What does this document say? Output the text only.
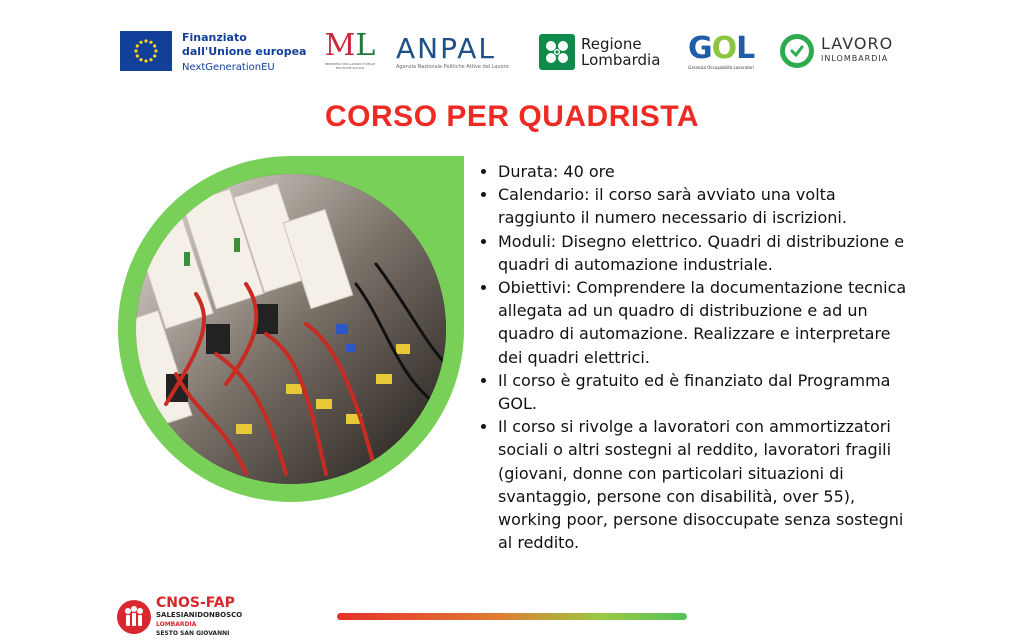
Finanziato
dall'Unione europea
NextGenerationEU
ML
MINISTERO DEL LAVORO E DELLE POLITICHE SOCIALI
ANPAL
Agenzia Nazionale Politiche Attive del Lavoro
Regione
Lombardia GOL
Garanzia Occupabilità Lavoratori
LAVORO
INLOMBARDIA
CORSO PER QUADRISTA
• Durata: 40 ore
• Calendario: il corso sarà avviato una volta raggiunto il numero necessario di iscrizioni.
• Moduli: Disegno elettrico. Quadri di distribuzione e quadri di automazione industriale.
• Obiettivi: Comprendere la documentazione tecnica allegata ad un quadro di distribuzione e ad un quadro di automazione. Realizzare e interpretare dei quadri elettrici.
• Il corso è gratuito ed è finanziato dal Programma GOL.
• Il corso si rivolge a lavoratori con ammortizzatori sociali o altri sostegni al reddito, lavoratori fragili (giovani, donne con particolari situazioni di svantaggio, persone con disabilità, over 55), working poor, persone disoccupate senza sostegni al reddito.
CNOS-FAP
SALESIANIDONBOSCO
LOMBARDIA
SESTO SAN GIOVANNI
